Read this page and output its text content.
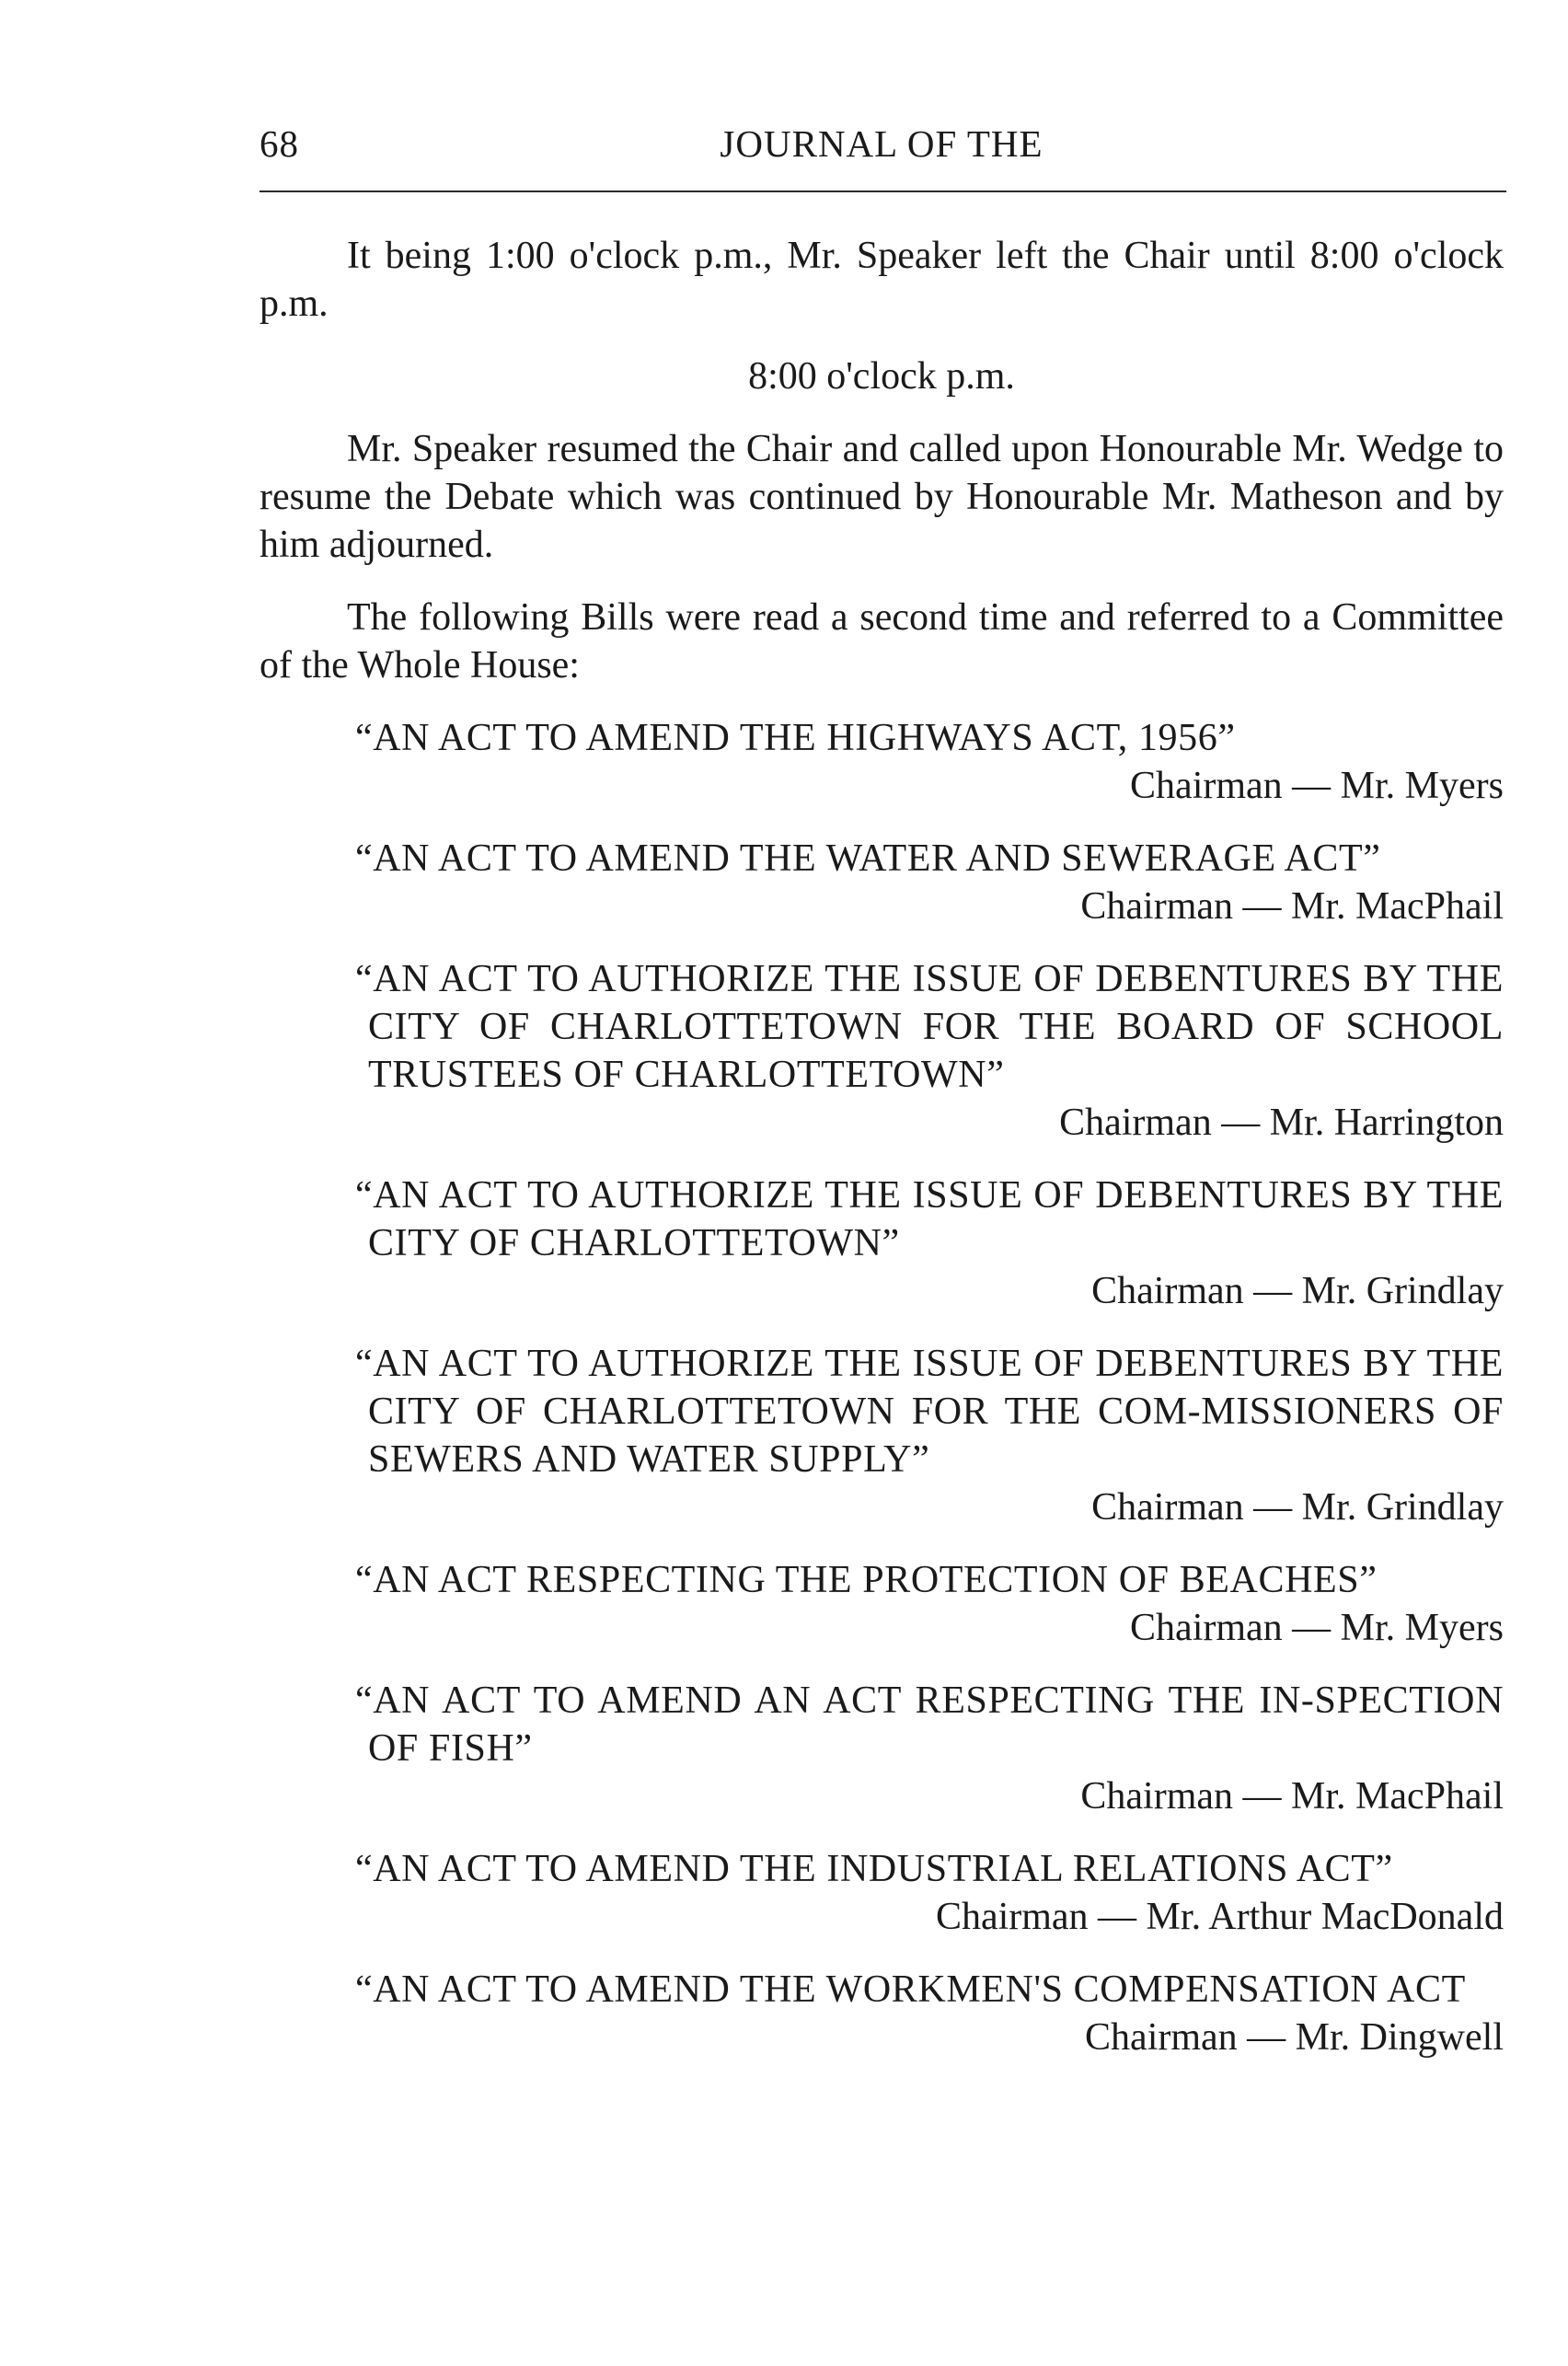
68	JOURNAL OF THE

It being 1:00 o'clock p.m., Mr. Speaker left the Chair until 8:00 o'clock p.m.

8:00 o'clock p.m.

Mr. Speaker resumed the Chair and called upon Honourable Mr. Wedge to resume the Debate which was continued by Honourable Mr. Matheson and by him adjourned.

The following Bills were read a second time and referred to a Committee of the Whole House:

“AN ACT TO AMEND THE HIGHWAYS ACT, 1956”

Chairman — Mr. Myers

“AN ACT TO AMEND THE WATER AND SEWERAGE ACT”

Chairman — Mr. MacPhail

“AN ACT TO AUTHORIZE THE ISSUE OF DEBENTURES BY THE CITY OF CHARLOTTETOWN FOR THE BOARD OF SCHOOL TRUSTEES OF CHARLOTTETOWN”

Chairman — Mr. Harrington

“AN ACT TO AUTHORIZE THE ISSUE OF DEBENTURES BY THE CITY OF CHARLOTTETOWN”

Chairman — Mr. Grindlay

“AN ACT TO AUTHORIZE THE ISSUE OF DEBENTURES BY THE CITY OF CHARLOTTETOWN FOR THE COM-MISSIONERS OF SEWERS AND WATER SUPPLY”

Chairman — Mr. Grindlay

“AN ACT RESPECTING THE PROTECTION OF BEACHES”

Chairman — Mr. Myers

“AN ACT TO AMEND AN ACT RESPECTING THE IN-SPECTION OF FISH”

Chairman — Mr. MacPhail

“AN ACT TO AMEND THE INDUSTRIAL RELATIONS ACT”

Chairman — Mr. Arthur MacDonald

“AN ACT TO AMEND THE WORKMEN'S COMPENSATION ACT

Chairman — Mr. Dingwell
